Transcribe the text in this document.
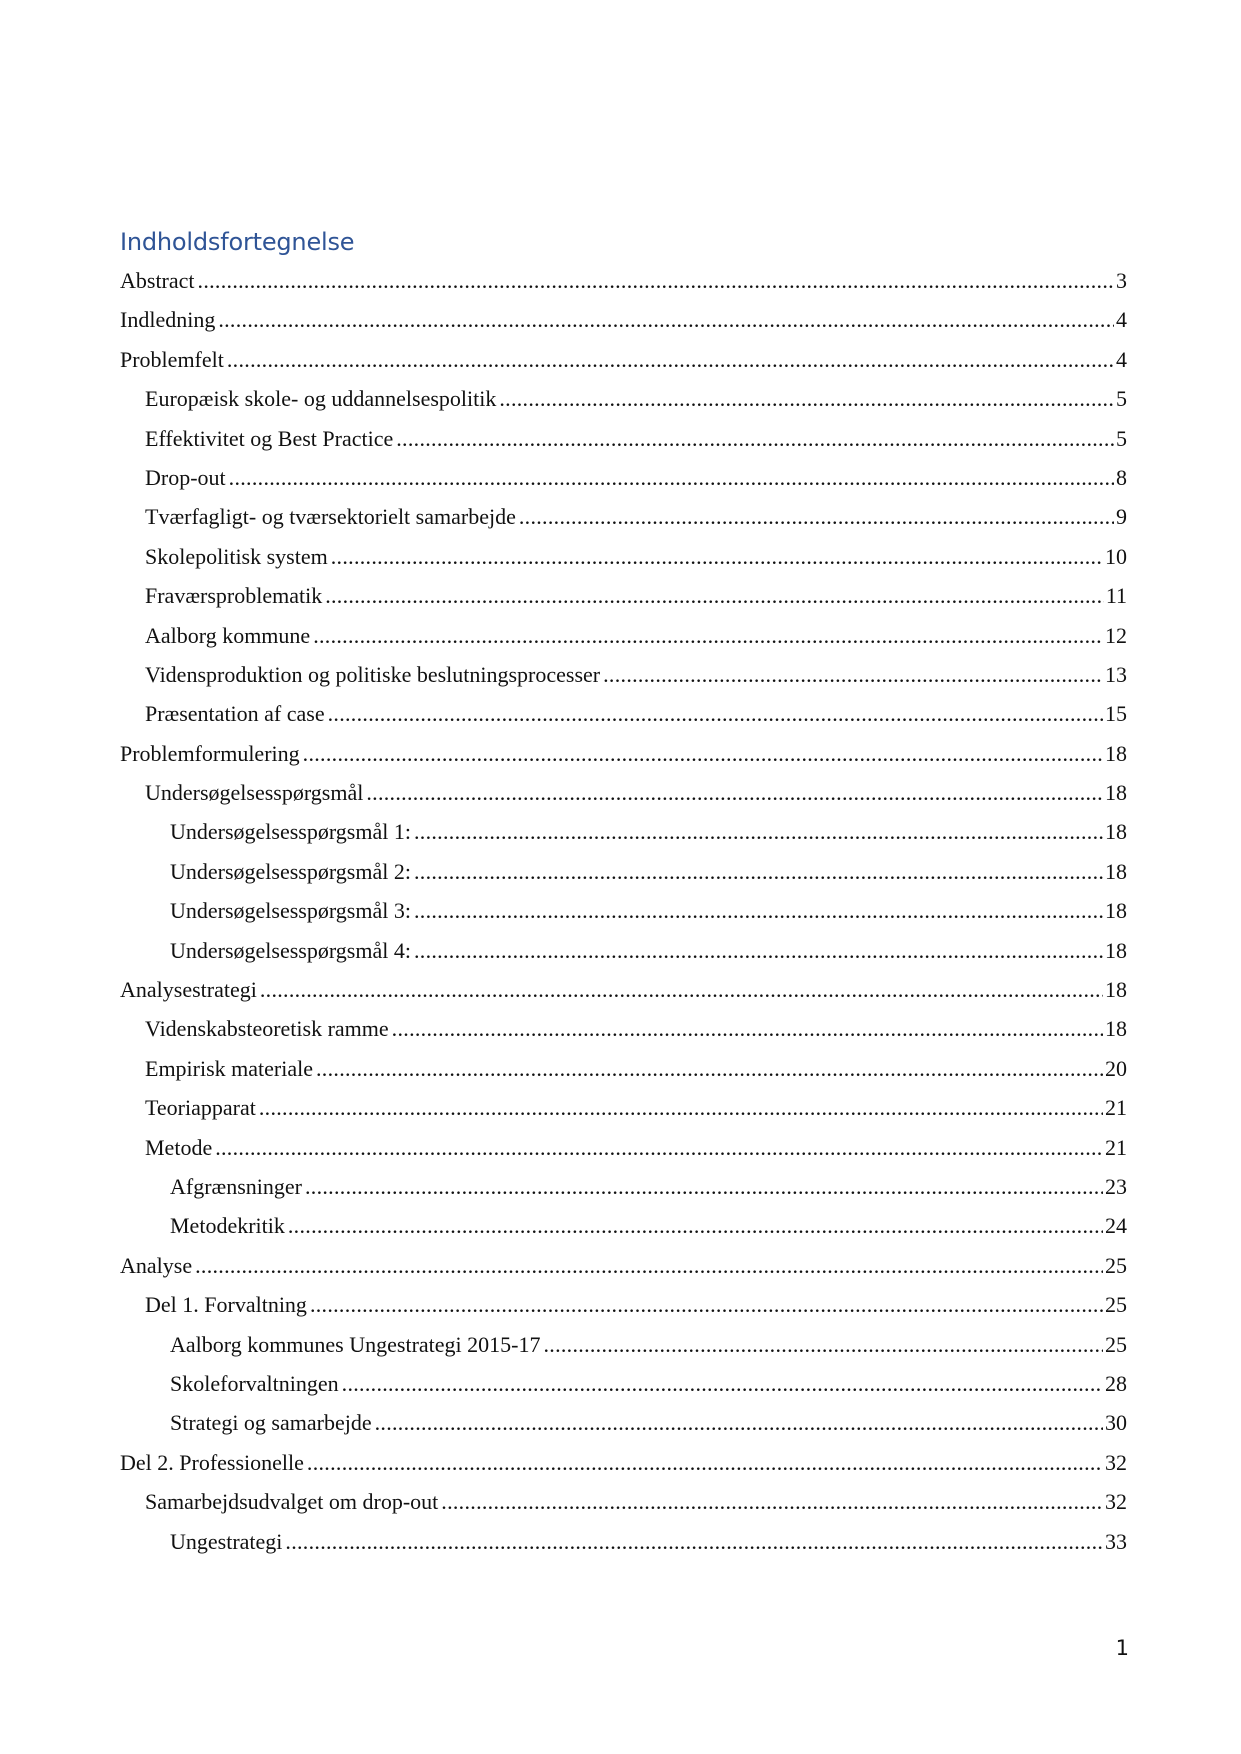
Indholdsfortegnelse
Abstract .....	3
Indledning .....	4
Problemfelt .....	4
Europæisk skole- og uddannelsespolitik .....	5
Effektivitet og Best Practice .....	5
Drop-out .....	8
Tværfagligt- og tværsektorielt samarbejde .....	9
Skolepolitisk system .....	10
Fraværsproblematik .....	11
Aalborg kommune .....	12
Vidensproduktion og politiske beslutningsprocesser .....	13
Præsentation af case .....	15
Problemformulering .....	18
Undersøgelsesspørgsmål .....	18
Undersøgelsesspørgsmål 1: .....	18
Undersøgelsesspørgsmål 2: .....	18
Undersøgelsesspørgsmål 3: .....	18
Undersøgelsesspørgsmål 4: .....	18
Analysestrategi .....	18
Videnskabsteoretisk ramme .....	18
Empirisk materiale .....	20
Teoriapparat .....	21
Metode .....	21
Afgrænsninger .....	23
Metodekritik .....	24
Analyse .....	25
Del 1. Forvaltning .....	25
Aalborg kommunes Ungestrategi 2015-17 .....	25
Skoleforvaltningen .....	28
Strategi og samarbejde .....	30
Del 2. Professionelle .....	32
Samarbejdsudvalget om drop-out .....	32
Ungestrategi .....	33
1
